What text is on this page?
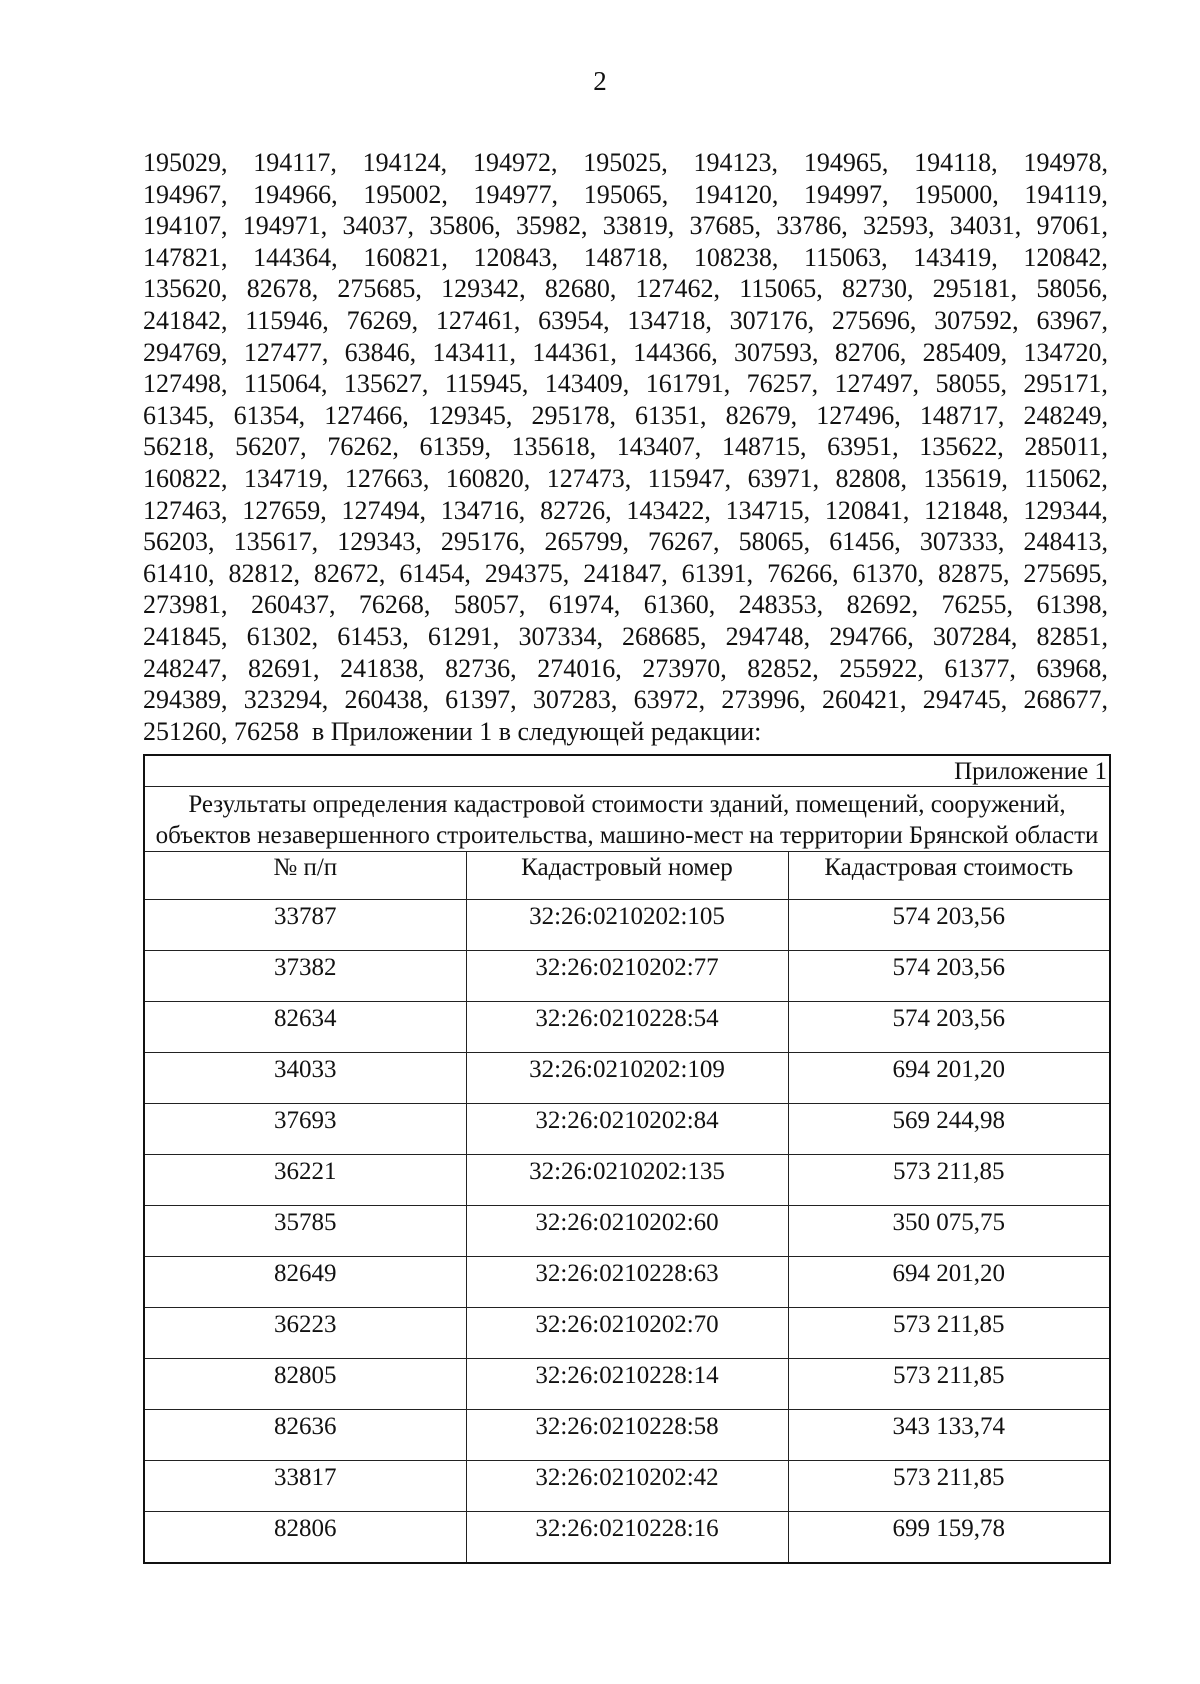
2
195029, 194117, 194124, 194972, 195025, 194123, 194965, 194118, 194978,
194967, 194966, 195002, 194977, 195065, 194120, 194997, 195000, 194119,
194107, 194971, 34037, 35806, 35982, 33819, 37685, 33786, 32593, 34031, 97061,
147821, 144364, 160821, 120843, 148718, 108238, 115063, 143419, 120842,
135620, 82678, 275685, 129342, 82680, 127462, 115065, 82730, 295181, 58056,
241842, 115946, 76269, 127461, 63954, 134718, 307176, 275696, 307592, 63967,
294769, 127477, 63846, 143411, 144361, 144366, 307593, 82706, 285409, 134720,
127498, 115064, 135627, 115945, 143409, 161791, 76257, 127497, 58055, 295171,
61345, 61354, 127466, 129345, 295178, 61351, 82679, 127496, 148717, 248249,
56218, 56207, 76262, 61359, 135618, 143407, 148715, 63951, 135622, 285011,
160822, 134719, 127663, 160820, 127473, 115947, 63971, 82808, 135619, 115062,
127463, 127659, 127494, 134716, 82726, 143422, 134715, 120841, 121848, 129344,
56203, 135617, 129343, 295176, 265799, 76267, 58065, 61456, 307333, 248413,
61410, 82812, 82672, 61454, 294375, 241847, 61391, 76266, 61370, 82875, 275695,
273981, 260437, 76268, 58057, 61974, 61360, 248353, 82692, 76255, 61398,
241845, 61302, 61453, 61291, 307334, 268685, 294748, 294766, 307284, 82851,
248247, 82691, 241838, 82736, 274016, 273970, 82852, 255922, 61377, 63968,
294389, 323294, 260438, 61397, 307283, 63972, 273996, 260421, 294745, 268677,
251260, 76258  в Приложении 1 в следующей редакции:
Приложение 1		
Результаты определения кадастровой стоимости зданий, помещений, сооружений, объектов незавершенного строительства, машино-мест на территории Брянской области		
№ п/п	Кадастровый номер	Кадастровая стоимость
33787	32:26:0210202:105	574 203,56
37382	32:26:0210202:77	574 203,56
82634	32:26:0210228:54	574 203,56
34033	32:26:0210202:109	694 201,20
37693	32:26:0210202:84	569 244,98
36221	32:26:0210202:135	573 211,85
35785	32:26:0210202:60	350 075,75
82649	32:26:0210228:63	694 201,20
36223	32:26:0210202:70	573 211,85
82805	32:26:0210228:14	573 211,85
82636	32:26:0210228:58	343 133,74
33817	32:26:0210202:42	573 211,85
82806	32:26:0210228:16	699 159,78
